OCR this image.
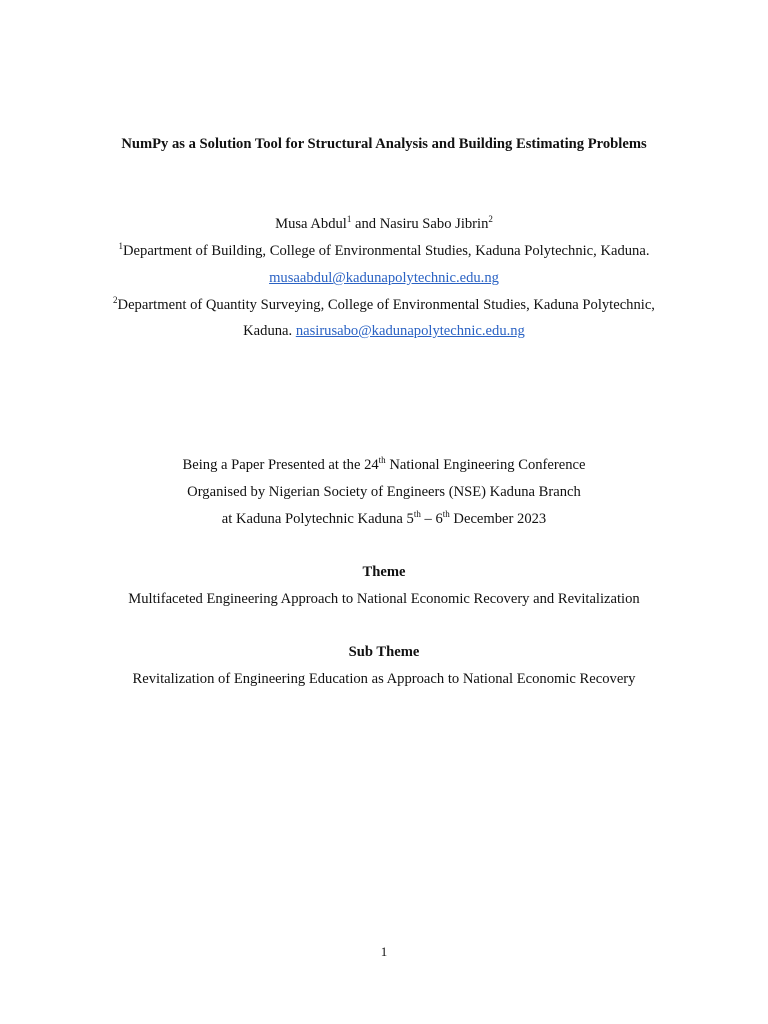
NumPy as a Solution Tool for Structural Analysis and Building Estimating Problems
Musa Abdul$^1$ and Nasiru Sabo Jibrin$^2$
$^1$Department of Building, College of Environmental Studies, Kaduna Polytechnic, Kaduna.
musaabdul@kadunapolytechnic.edu.ng
$^2$Department of Quantity Surveying, College of Environmental Studies, Kaduna Polytechnic,
Kaduna. nasirusabo@kadunapolytechnic.edu.ng
Being a Paper Presented at the 24th National Engineering Conference
Organised by Nigerian Society of Engineers (NSE) Kaduna Branch
at Kaduna Polytechnic Kaduna 5th – 6th December 2023
Theme
Multifaceted Engineering Approach to National Economic Recovery and Revitalization
Sub Theme
Revitalization of Engineering Education as Approach to National Economic Recovery
1
